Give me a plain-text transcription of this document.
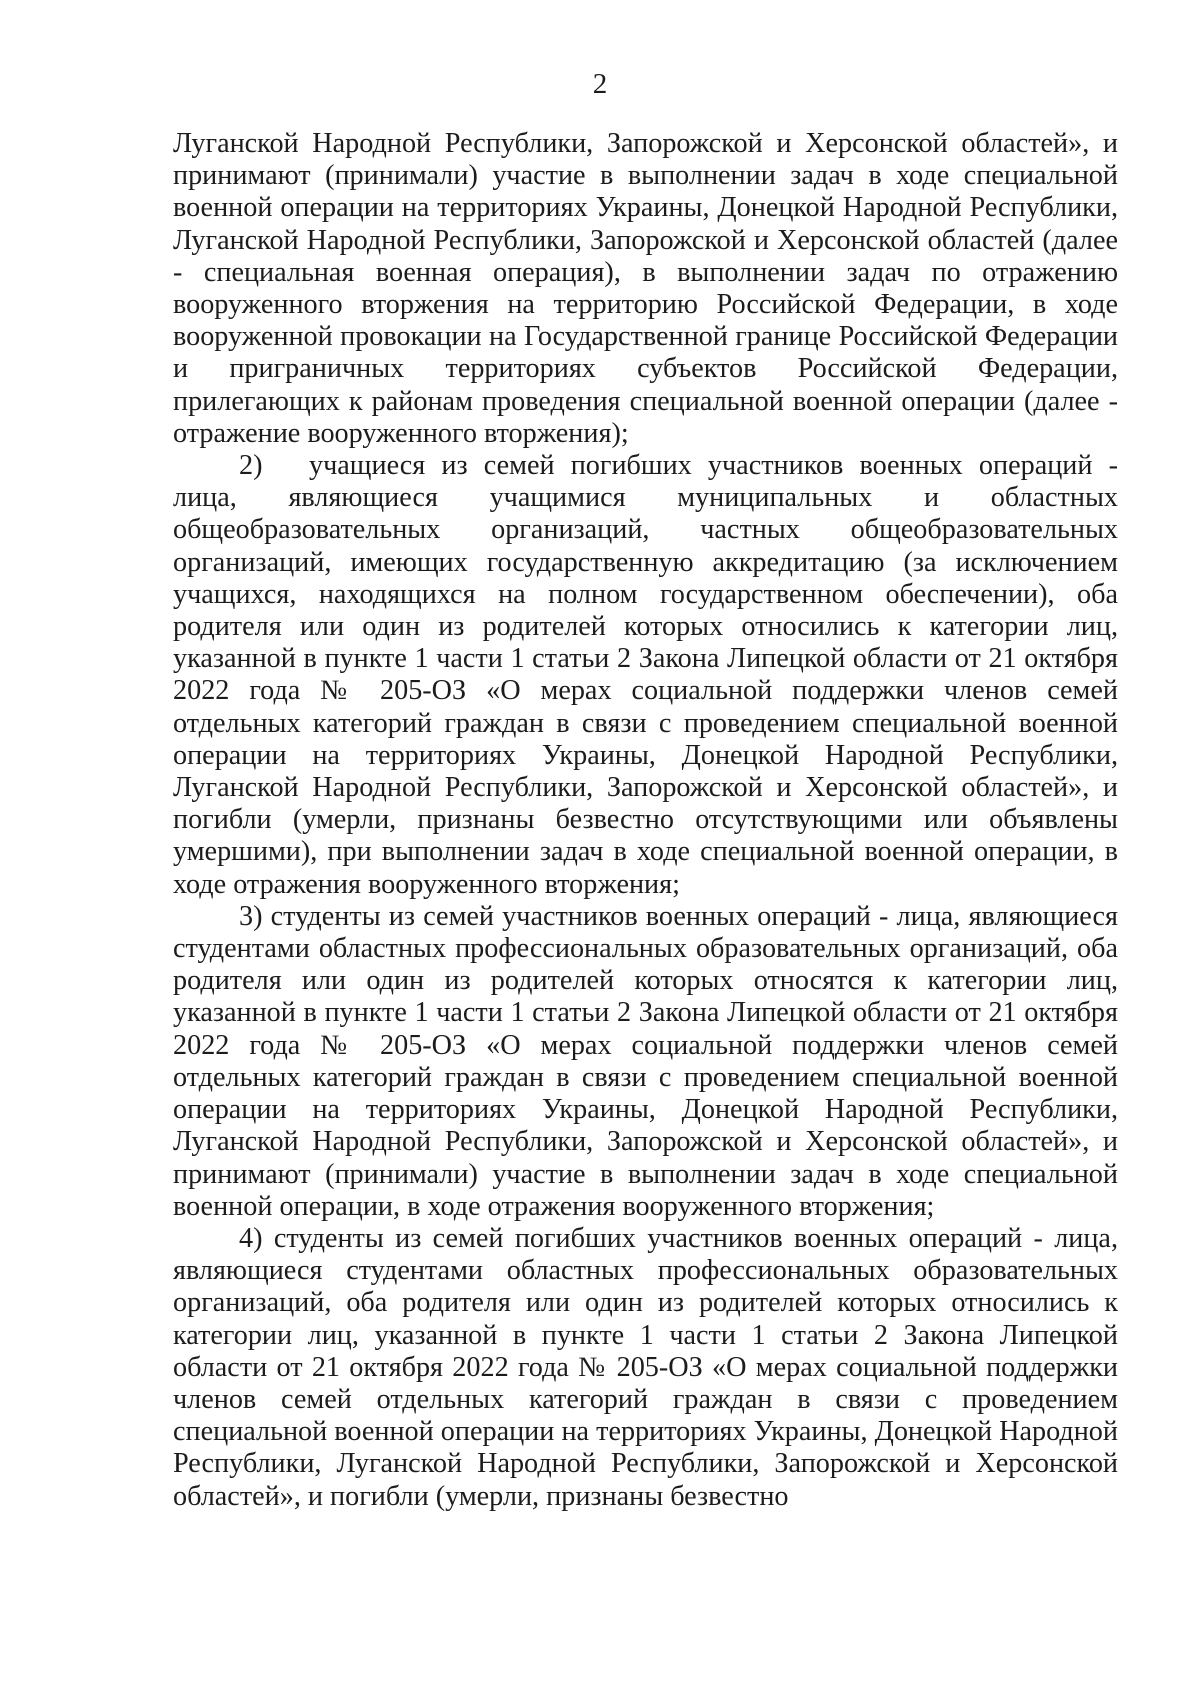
2

Луганской Народной Республики, Запорожской и Херсонской областей», и принимают (принимали) участие в выполнении задач в ходе специальной военной операции на территориях Украины, Донецкой Народной Республики, Луганской Народной Республики, Запорожской и Херсонской областей (далее - специальная военная операция), в выполнении задач по отражению вооруженного вторжения на территорию Российской Федерации, в ходе вооруженной провокации на Государственной границе Российской Федерации и приграничных территориях субъектов Российской Федерации, прилегающих к районам проведения специальной военной операции (далее - отражение вооруженного вторжения);

2) учащиеся из семей погибших участников военных операций - лица, являющиеся учащимися муниципальных и областных общеобразовательных организаций, частных общеобразовательных организаций, имеющих государственную аккредитацию (за исключением учащихся, находящихся на полном государственном обеспечении), оба родителя или один из родителей которых относились к категории лиц, указанной в пункте 1 части 1 статьи 2 Закона Липецкой области от 21 октября 2022 года № 205-ОЗ «О мерах социальной поддержки членов семей отдельных категорий граждан в связи с проведением специальной военной операции на территориях Украины, Донецкой Народной Республики, Луганской Народной Республики, Запорожской и Херсонской областей», и погибли (умерли, признаны безвестно отсутствующими или объявлены умершими), при выполнении задач в ходе специальной военной операции, в ходе отражения вооруженного вторжения;

3) студенты из семей участников военных операций - лица, являющиеся студентами областных профессиональных образовательных организаций, оба родителя или один из родителей которых относятся к категории лиц, указанной в пункте 1 части 1 статьи 2 Закона Липецкой области от 21 октября 2022 года № 205-ОЗ «О мерах социальной поддержки членов семей отдельных категорий граждан в связи с проведением специальной военной операции на территориях Украины, Донецкой Народной Республики, Луганской Народной Республики, Запорожской и Херсонской областей», и принимают (принимали) участие в выполнении задач в ходе специальной военной операции, в ходе отражения вооруженного вторжения;

4) студенты из семей погибших участников военных операций - лица, являющиеся студентами областных профессиональных образовательных организаций, оба родителя или один из родителей которых относились к категории лиц, указанной в пункте 1 части 1 статьи 2 Закона Липецкой области от 21 октября 2022 года № 205-ОЗ «О мерах социальной поддержки членов семей отдельных категорий граждан в связи с проведением специальной военной операции на территориях Украины, Донецкой Народной Республики, Луганской Народной Республики, Запорожской и Херсонской областей», и погибли (умерли, признаны безвестно
